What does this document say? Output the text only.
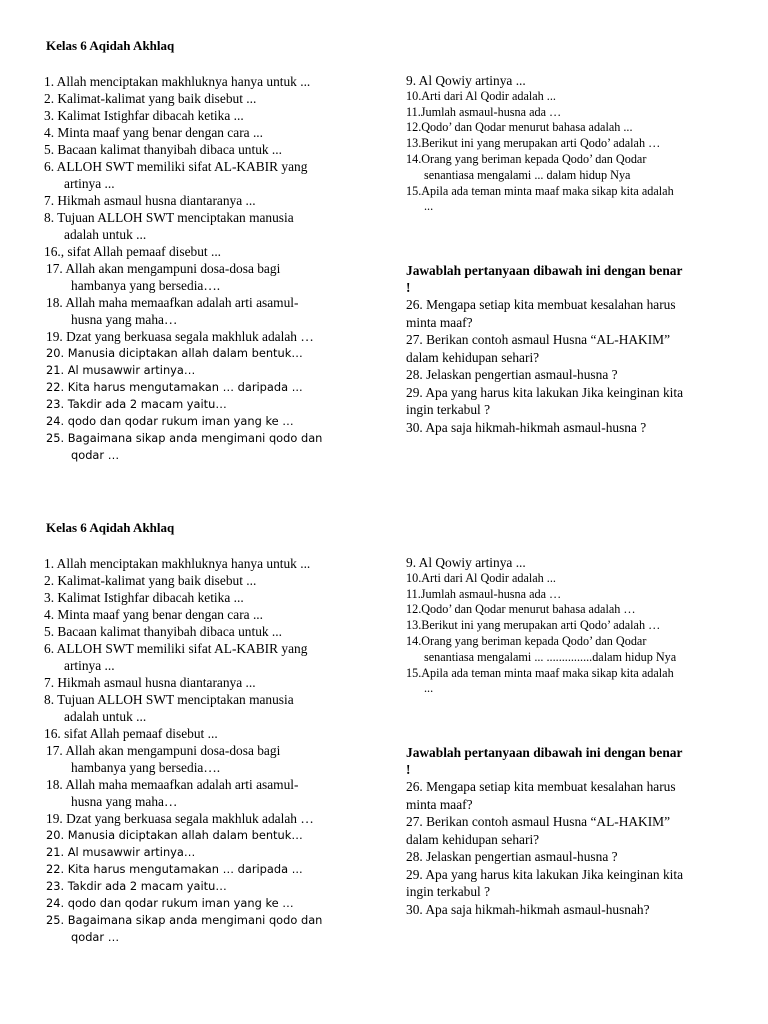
Kelas 6 Aqidah Akhlaq

1. Allah menciptakan makhluknya hanya untuk ...

2. Kalimat-kalimat yang baik disebut ...

3. Kalimat Istighfar dibacah ketika ...

4. Minta maaf yang benar dengan cara ...

5. Bacaan kalimat thanyibah dibaca untuk ...

6. ALLOH SWT memiliki sifat AL-KABIR yang

artinya ...

7. Hikmah asmaul husna diantaranya ...

8. Tujuan ALLOH SWT menciptakan manusia

adalah untuk ...

16., sifat Allah pemaaf disebut ...

17. Allah akan mengampuni dosa-dosa bagi

hambanya yang bersedia….

18. Allah maha memaafkan adalah arti asamul-

husna yang maha…

19. Dzat yang berkuasa segala makhluk adalah …

20. Manusia diciptakan allah dalam bentuk…

21. Al musawwir artinya…

22. Kita harus mengutamakan … daripada ...

23. Takdir ada 2 macam yaitu…

24. qodo dan qodar rukum iman yang ke …

25. Bagaimana sikap anda mengimani qodo dan

qodar …

9. Al Qowiy artinya ...

10.Arti dari Al Qodir adalah ...

11.Jumlah asmaul-husna ada …

12.Qodo’ dan Qodar menurut bahasa adalah ...

13.Berikut ini yang merupakan arti Qodo’ adalah …

14.Orang yang beriman kepada Qodo’ dan Qodar

senantiasa mengalami ... dalam hidup Nya

15.Apila ada teman minta maaf maka sikap kita adalah

...

Jawablah pertanyaan dibawah ini dengan benar

!

26. Mengapa setiap kita membuat kesalahan harus

minta maaf?

27. Berikan contoh asmaul Husna “AL-HAKIM”

dalam kehidupan sehari?

28. Jelaskan pengertian asmaul-husna ?

29. Apa yang harus kita lakukan Jika keinginan kita

ingin terkabul ?

30. Apa saja hikmah-hikmah asmaul-husna ?

Kelas 6 Aqidah Akhlaq

1. Allah menciptakan makhluknya hanya untuk ...

2. Kalimat-kalimat yang baik disebut ...

3. Kalimat Istighfar dibacah ketika ...

4. Minta maaf yang benar dengan cara ...

5. Bacaan kalimat thanyibah dibaca untuk ...

6. ALLOH SWT memiliki sifat AL-KABIR yang

artinya ...

7. Hikmah asmaul husna diantaranya ...

8. Tujuan ALLOH SWT menciptakan manusia

adalah untuk ...

16. sifat Allah pemaaf disebut ...

17. Allah akan mengampuni dosa-dosa bagi

hambanya yang bersedia….

18. Allah maha memaafkan adalah arti asamul-

husna yang maha…

19. Dzat yang berkuasa segala makhluk adalah …

20. Manusia diciptakan allah dalam bentuk…

21. Al musawwir artinya…

22. Kita harus mengutamakan … daripada ...

23. Takdir ada 2 macam yaitu…

24. qodo dan qodar rukum iman yang ke …

25. Bagaimana sikap anda mengimani qodo dan

qodar …

9. Al Qowiy artinya ...

10.Arti dari Al Qodir adalah ...

11.Jumlah asmaul-husna ada …

12.Qodo’ dan Qodar menurut bahasa adalah …

13.Berikut ini yang merupakan arti Qodo’ adalah …

14.Orang yang beriman kepada Qodo’ dan Qodar

senantiasa mengalami ... ...............dalam hidup Nya

15.Apila ada teman minta maaf maka sikap kita adalah

...

Jawablah pertanyaan dibawah ini dengan benar

!

26. Mengapa setiap kita membuat kesalahan harus

minta maaf?

27. Berikan contoh asmaul Husna “AL-HAKIM”

dalam kehidupan sehari?

28. Jelaskan pengertian asmaul-husna ?

29. Apa yang harus kita lakukan Jika keinginan kita

ingin terkabul ?

30. Apa saja hikmah-hikmah asmaul-husnah?
